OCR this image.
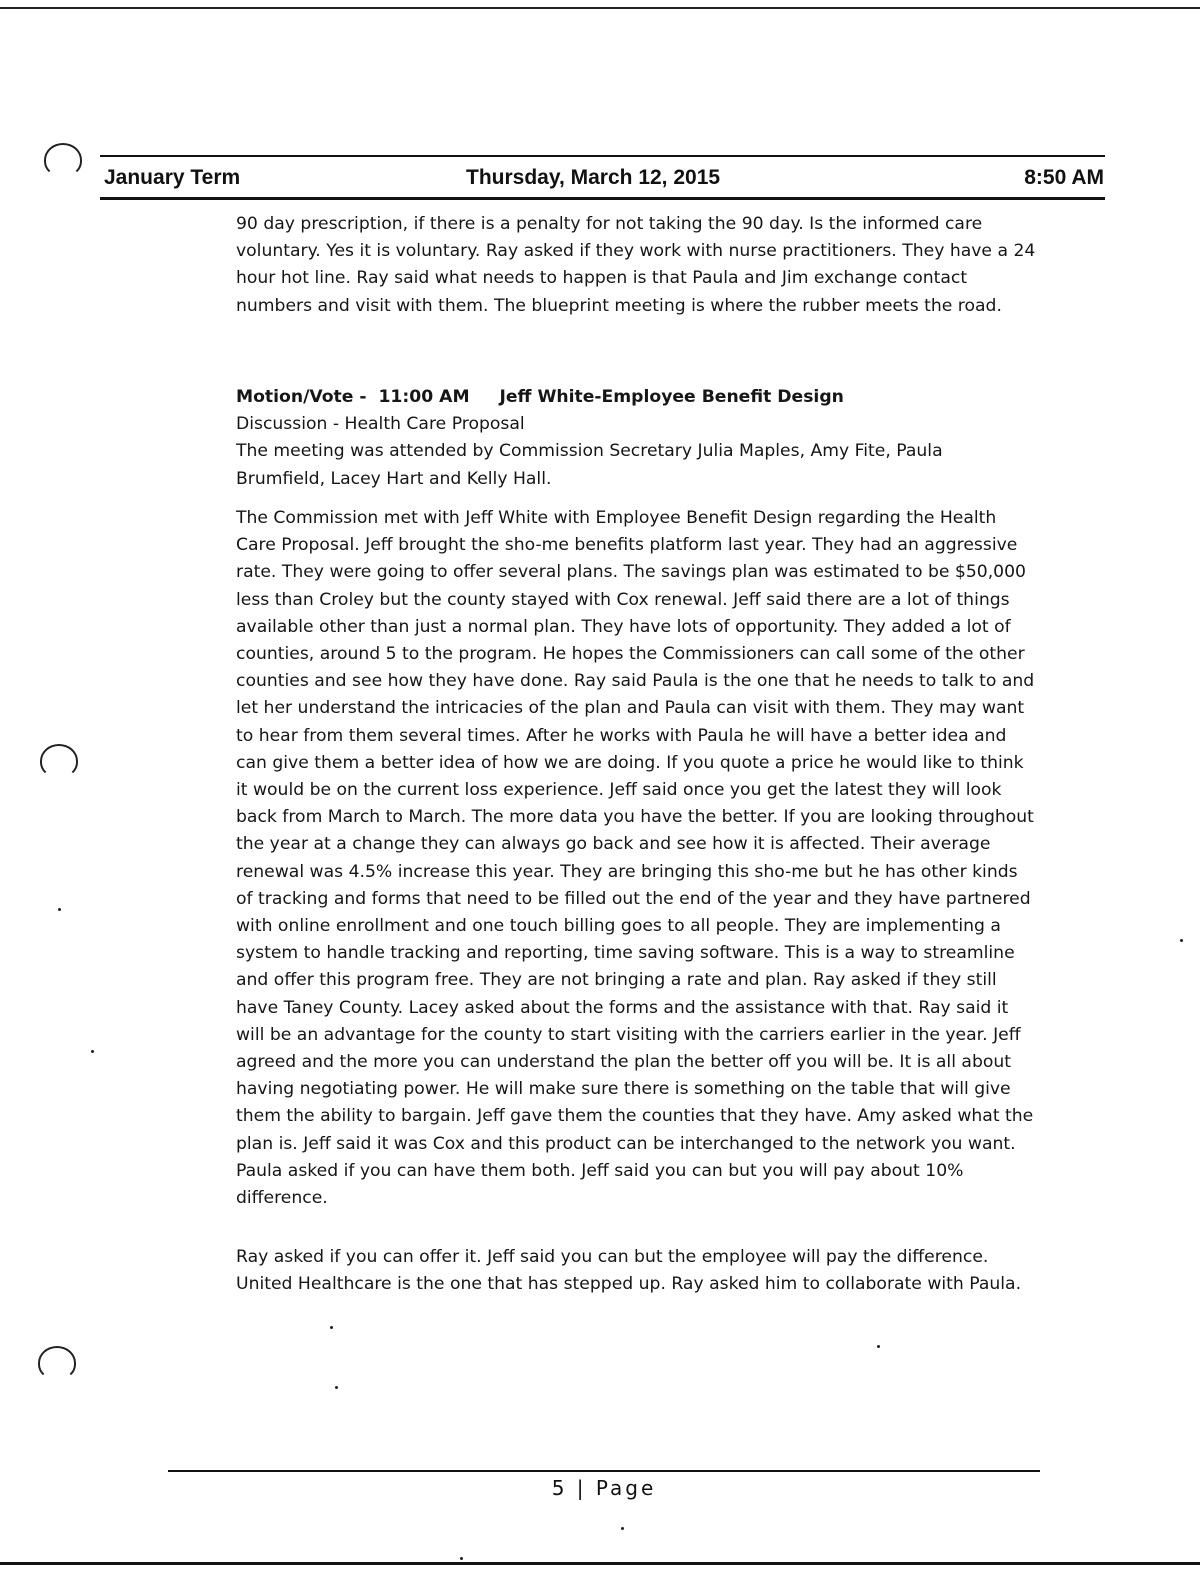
January Term	Thursday, March 12, 2015	8:50 AM

90 day prescription, if there is a penalty for not taking the 90 day. Is the informed care voluntary. Yes it is voluntary. Ray asked if they work with nurse practitioners. They have a 24 hour hot line. Ray said what needs to happen is that Paula and Jim exchange contact numbers and visit with them. The blueprint meeting is where the rubber meets the road.

Motion/Vote -  11:00 AM     Jeff White-Employee Benefit Design

Discussion - Health Care Proposal

The meeting was attended by Commission Secretary Julia Maples, Amy Fite, Paula Brumfield, Lacey Hart and Kelly Hall.

The Commission met with Jeff White with Employee Benefit Design regarding the Health Care Proposal. Jeff brought the sho-me benefits platform last year. They had an aggressive rate. They were going to offer several plans. The savings plan was estimated to be $50,000 less than Croley but the county stayed with Cox renewal. Jeff said there are a lot of things available other than just a normal plan. They have lots of opportunity. They added a lot of counties, around 5 to the program. He hopes the Commissioners can call some of the other counties and see how they have done. Ray said Paula is the one that he needs to talk to and let her understand the intricacies of the plan and Paula can visit with them. They may want to hear from them several times. After he works with Paula he will have a better idea and can give them a better idea of how we are doing. If you quote a price he would like to think it would be on the current loss experience. Jeff said once you get the latest they will look back from March to March. The more data you have the better. If you are looking throughout the year at a change they can always go back and see how it is affected. Their average renewal was 4.5% increase this year. They are bringing this sho-me but he has other kinds of tracking and forms that need to be filled out the end of the year and they have partnered with online enrollment and one touch billing goes to all people. They are implementing a system to handle tracking and reporting, time saving software. This is a way to streamline and offer this program free. They are not bringing a rate and plan. Ray asked if they still have Taney County. Lacey asked about the forms and the assistance with that. Ray said it will be an advantage for the county to start visiting with the carriers earlier in the year. Jeff agreed and the more you can understand the plan the better off you will be. It is all about having negotiating power. He will make sure there is something on the table that will give them the ability to bargain. Jeff gave them the counties that they have. Amy asked what the plan is. Jeff said it was Cox and this product can be interchanged to the network you want. Paula asked if you can have them both. Jeff said you can but you will pay about 10% difference.

Ray asked if you can offer it. Jeff said you can but the employee will pay the difference. United Healthcare is the one that has stepped up. Ray asked him to collaborate with Paula.

5 | Page
